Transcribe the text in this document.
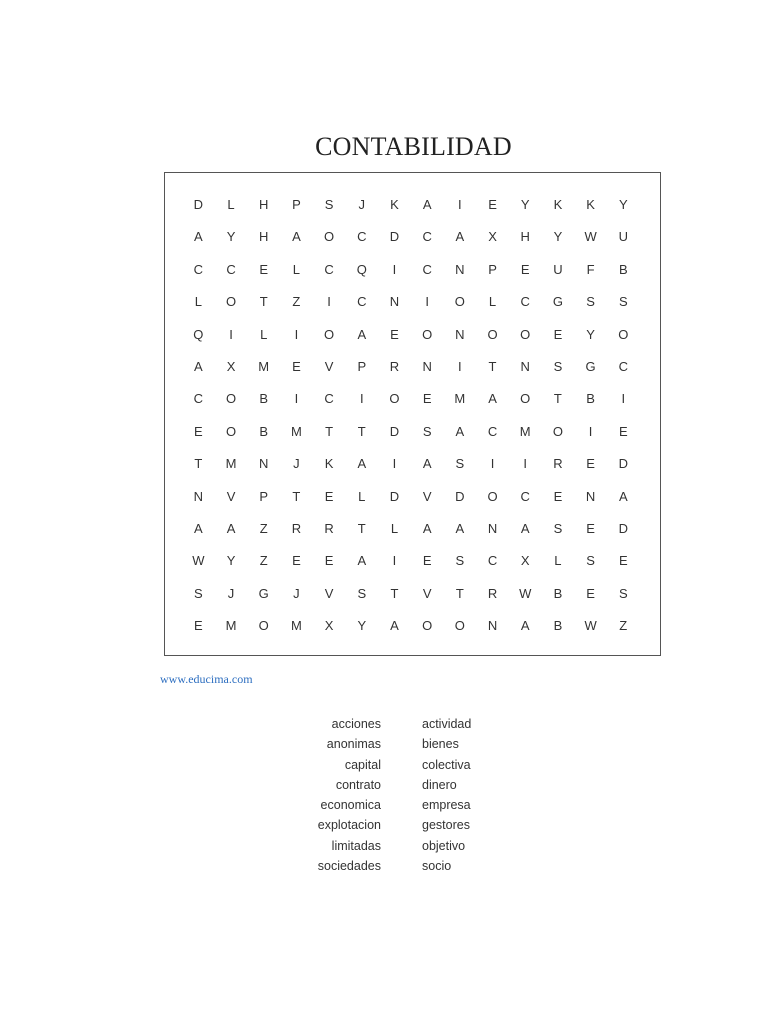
CONTABILIDAD
D	L	H	P	S	J	K	A	I	E	Y	K	K	Y
A	Y	H	A	O	C	D	C	A	X	H	Y	W	U
C	C	E	L	C	Q	I	C	N	P	E	U	F	B
L	O	T	Z	I	C	N	I	O	L	C	G	S	S
Q	I	L	I	O	A	E	O	N	O	O	E	Y	O
A	X	M	E	V	P	R	N	I	T	N	S	G	C
C	O	B	I	C	I	O	E	M	A	O	T	B	I
E	O	B	M	T	T	D	S	A	C	M	O	I	E
T	M	N	J	K	A	I	A	S	I	I	R	E	D
N	V	P	T	E	L	D	V	D	O	C	E	N	A
A	A	Z	R	R	T	L	A	A	N	A	S	E	D
W	Y	Z	E	E	A	I	E	S	C	X	L	S	E
S	J	G	J	V	S	T	V	T	R	W	B	E	S
E	M	O	M	X	Y	A	O	O	N	A	B	W	Z
www.educima.com
acciones
anonimas
capital
contrato
economica
explotacion
limitadas
sociedades
actividad
bienes
colectiva
dinero
empresa
gestores
objetivo
socio
